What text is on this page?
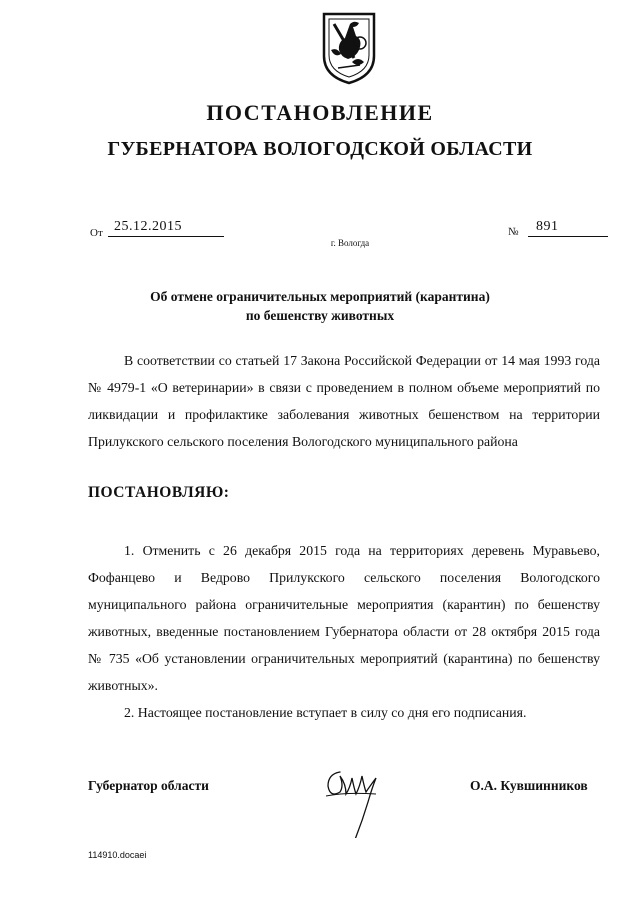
ПОСТАНОВЛЕНИЕ
ГУБЕРНАТОРА ВОЛОГОДСКОЙ ОБЛАСТИ
От 25.12.2015	№ 891
г. Вологда
Об отмене ограничительных мероприятий (карантина)
по бешенству животных

В соответствии со статьей 17 Закона Российской Федерации от 14 мая 1993 года № 4979-1 «О ветеринарии» в связи с проведением в полном объеме мероприятий по ликвидации и профилактике заболевания животных бешенством на территории Прилукского сельского поселения Вологодского муниципального района

ПОСТАНОВЛЯЮ:

1. Отменить с 26 декабря 2015 года на территориях деревень Муравьево, Фофанцево и Ведрово Прилукского сельского поселения Вологодского муниципального района ограничительные мероприятия (карантин) по бешенству животных, введенные постановлением Губернатора области от 28 октября 2015 года № 735 «Об установлении ограничительных мероприятий (карантина) по бешенству животных».

2. Настоящее постановление вступает в силу со дня его подписания.

Губернатор области	О.А. Кувшинников
114910.docaei
